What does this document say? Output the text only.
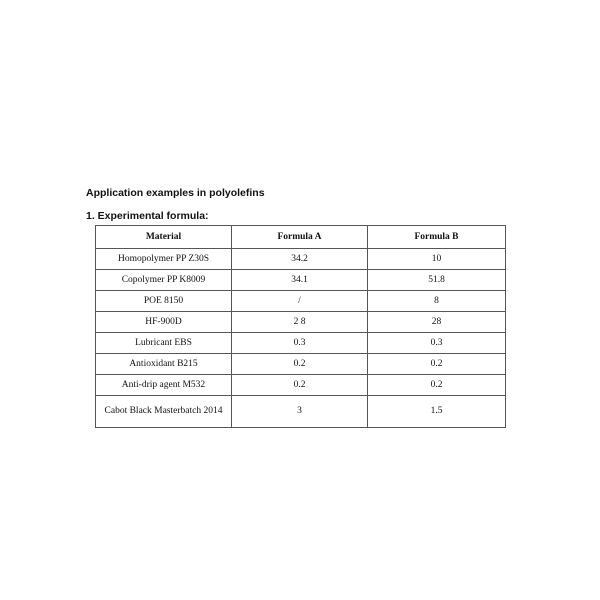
Application examples in polyolefins
1. Experimental formula:
Material	Formula A	Formula B
Homopolymer PP Z30S	34.2	10
Copolymer PP K8009	34.1	51.8
POE 8150	/	8
HF-900D	2 8	28
Lubricant EBS	0.3	0.3
Antioxidant B215	0.2	0.2
Anti-drip agent M532	0.2	0.2
Cabot Black Masterbatch 2014	3	1.5
